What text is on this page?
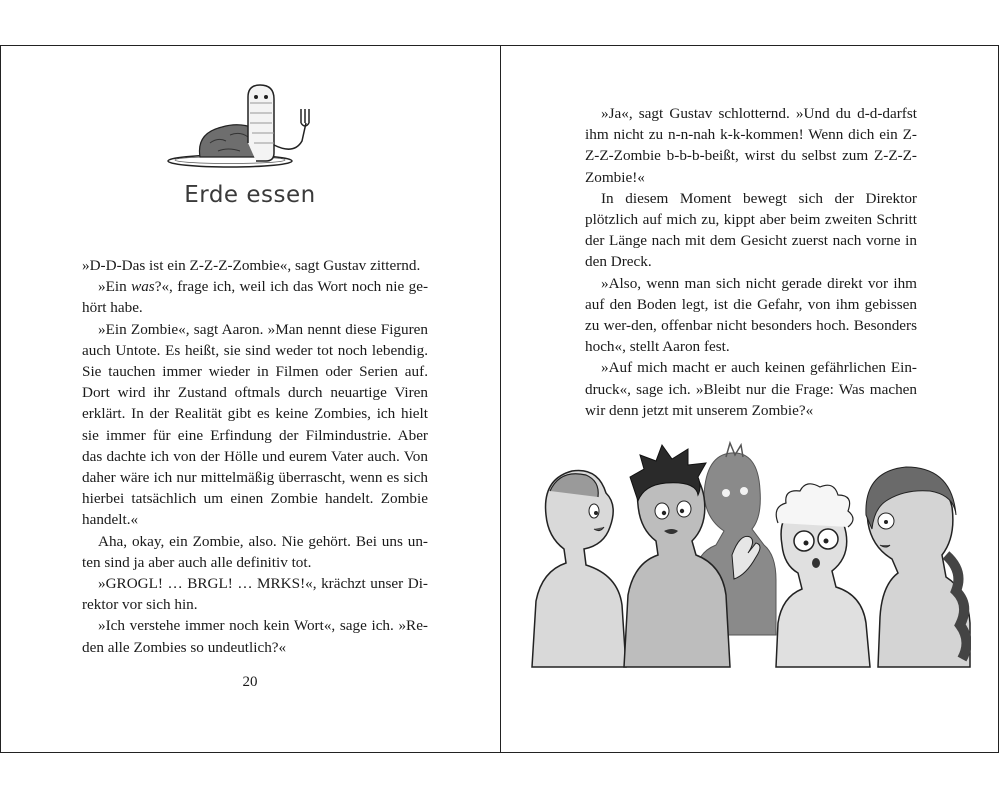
Erde essen

»D-D-Das ist ein Z-Z-Z-Zombie«, sagt Gustav zitternd.

»Ein was?«, frage ich, weil ich das Wort noch nie ge-hört habe.

»Ein Zombie«, sagt Aaron. »Man nennt diese Figuren auch Untote. Es heißt, sie sind weder tot noch lebendig. Sie tauchen immer wieder in Filmen oder Serien auf. Dort wird ihr Zustand oftmals durch neuartige Viren erklärt. In der Realität gibt es keine Zombies, ich hielt sie immer für eine Erfindung der Filmindustrie. Aber das dachte ich von der Hölle und eurem Vater auch. Von daher wäre ich nur mittelmäßig überrascht, wenn es sich hierbei tatsächlich um einen Zombie handelt. Zombie handelt.«

Aha, okay, ein Zombie, also. Nie gehört. Bei uns un-ten sind ja aber auch alle definitiv tot.

»GROGL! … BRGL! … MRKS!«, krächzt unser Di-rektor vor sich hin.

»Ich verstehe immer noch kein Wort«, sage ich. »Re-den alle Zombies so undeutlich?«

20

»Ja«, sagt Gustav schlotternd. »Und du d-d-darfst ihm nicht zu n-n-nah k-k-kommen! Wenn dich ein Z-Z-Z-Zombie b-b-b-beißt, wirst du selbst zum Z-Z-Z-Zombie!«

In diesem Moment bewegt sich der Direktor plötzlich auf mich zu, kippt aber beim zweiten Schritt der Länge nach mit dem Gesicht zuerst nach vorne in den Dreck.

»Also, wenn man sich nicht gerade direkt vor ihm auf den Boden legt, ist die Gefahr, von ihm gebissen zu wer-den, offenbar nicht besonders hoch. Besonders hoch«, stellt Aaron fest.

»Auf mich macht er auch keinen gefährlichen Ein-druck«, sage ich. »Bleibt nur die Frage: Was machen wir denn jetzt mit unserem Zombie?«
